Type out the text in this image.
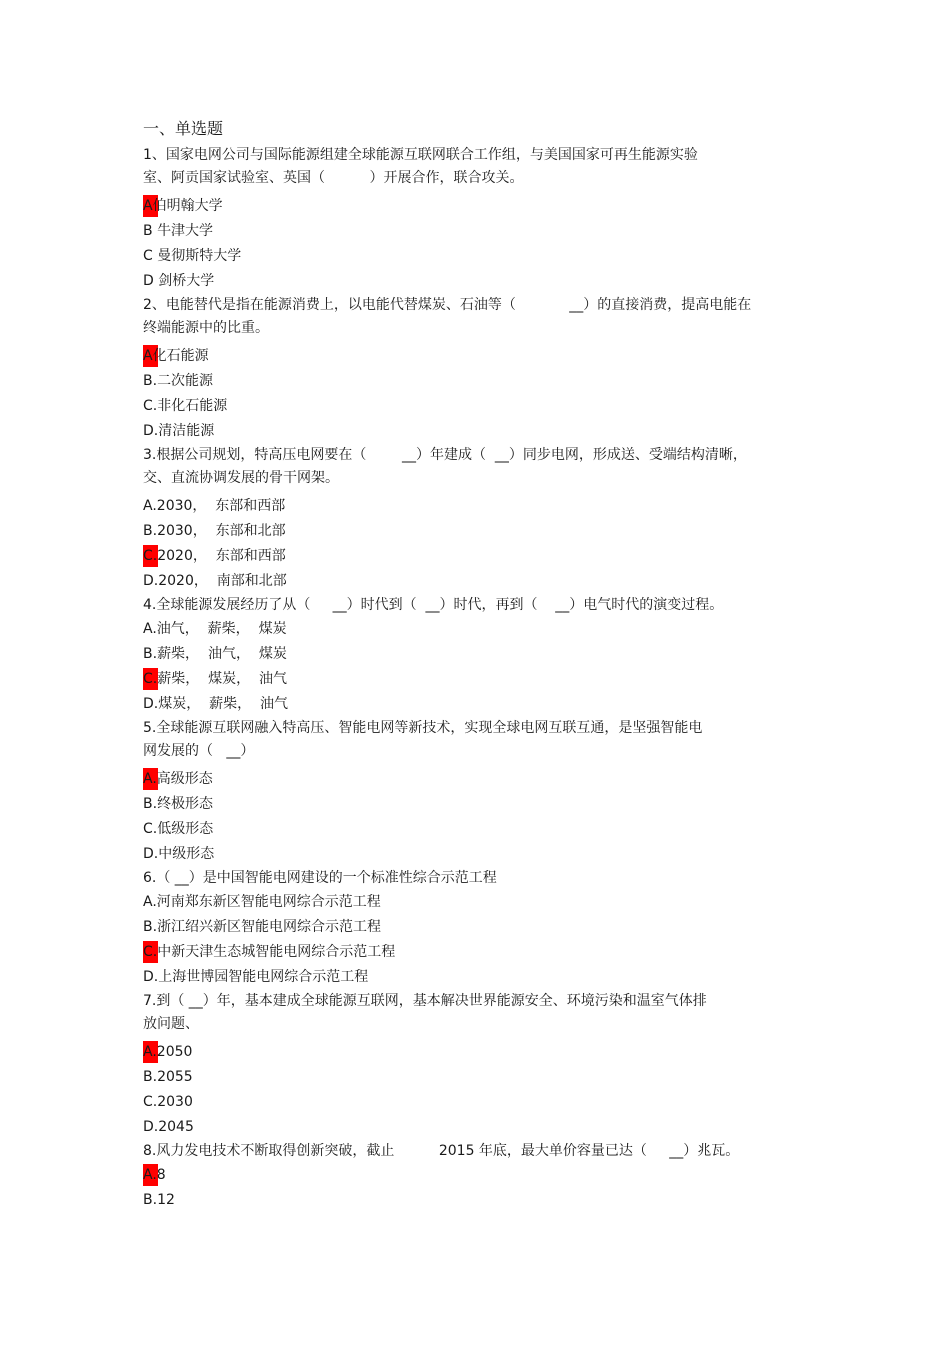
一、单选题
1、国家电网公司与国际能源组建全球能源互联网联合工作组，与美国国家可再生能源实验
室、阿贡国家试验室、英国（          ）开展合作，联合攻关。
A伯明翰大学
B 牛津大学
C 曼彻斯特大学
D 剑桥大学
2、电能替代是指在能源消费上，以电能代替煤炭、石油等（            __）的直接消费，提高电能在
终端能源中的比重。
A化石能源
B.二次能源
C.非化石能源
D.清洁能源
3.根据公司规划，特高压电网要在（        __）年建成（  __）同步电网，形成送、受端结构清晰，
交、直流协调发展的骨干网架。
A.2030，  东部和西部
B.2030，  东部和北部
C.2020，  东部和西部
D.2020，  南部和北部
4.全球能源发展经历了从（     __）时代到（  __）时代，再到（    __）电气时代的演变过程。
A.油气，  薪柴，  煤炭
B.薪柴，  油气，  煤炭
C.薪柴，  煤炭，  油气
D.煤炭，  薪柴，  油气
5.全球能源互联网融入特高压、智能电网等新技术，实现全球电网互联互通，是坚强智能电
网发展的（   __）
A.高级形态
B.终极形态
C.低级形态
D.中级形态
6.（ __）是中国智能电网建设的一个标准性综合示范工程
A.河南郑东新区智能电网综合示范工程
B.浙江绍兴新区智能电网综合示范工程
C.中新天津生态城智能电网综合示范工程
D.上海世博园智能电网综合示范工程
7.到（ __）年，基本建成全球能源互联网，基本解决世界能源安全、环境污染和温室气体排
放问题、
A.2050
B.2055
C.2030
D.2045
8.风力发电技术不断取得创新突破，截止          2015 年底，最大单价容量已达（     __）兆瓦。
A.8
B.12
